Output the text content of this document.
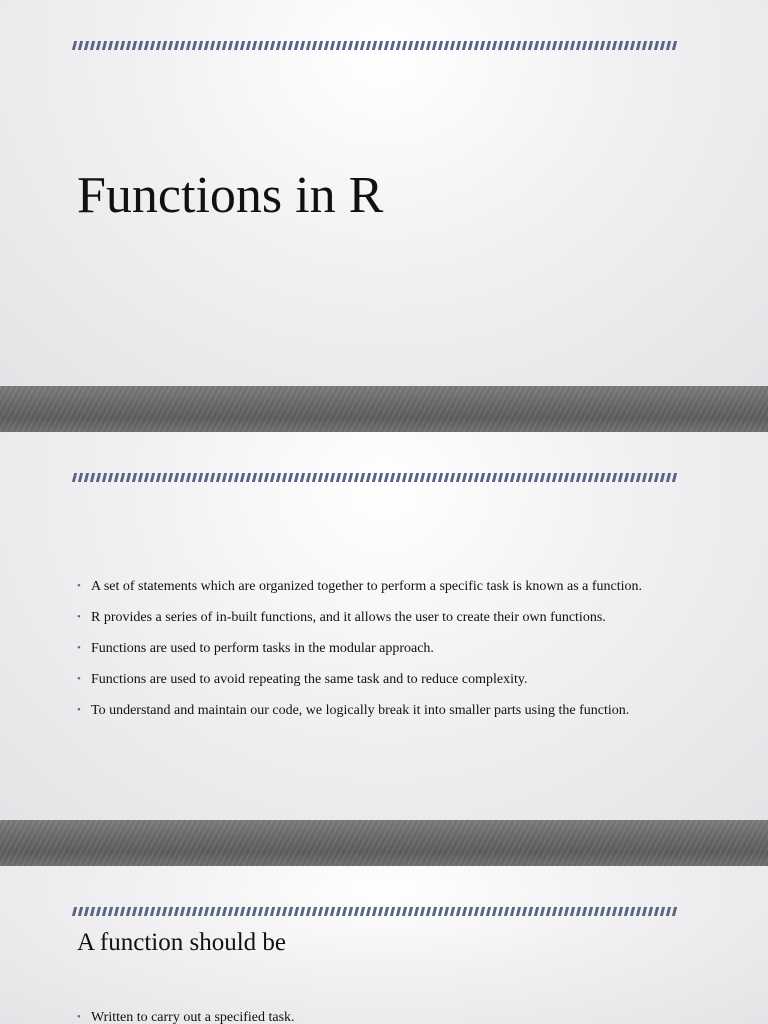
Functions in R
• A set of statements which are organized together to perform a specific task is known as a function.
• R provides a series of in-built functions, and it allows the user to create their own functions.
• Functions are used to perform tasks in the modular approach.
• Functions are used to avoid repeating the same task and to reduce complexity.
• To understand and maintain our code, we logically break it into smaller parts using the function.
A function should be
• Written to carry out a specified task.
